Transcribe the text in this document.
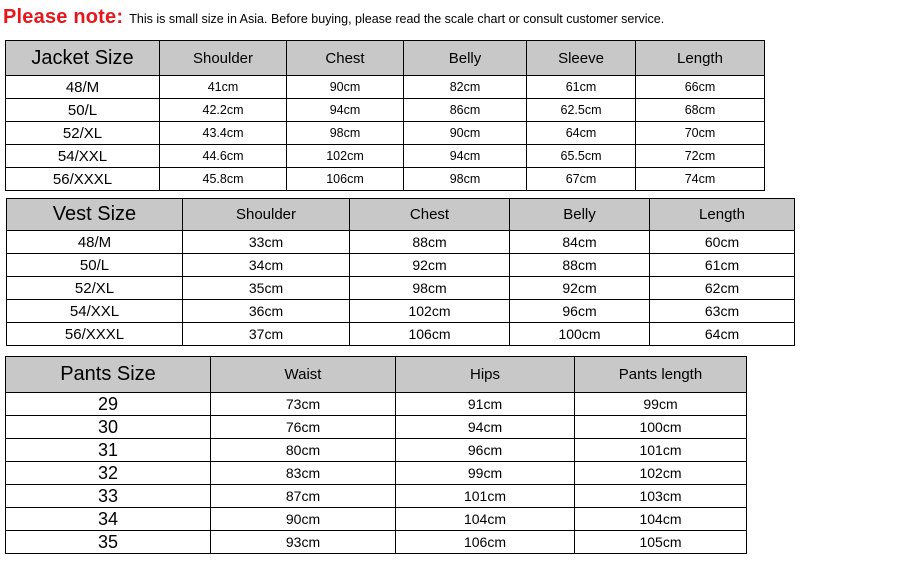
Please note: This is small size in Asia. Before buying, please read the scale chart or consult customer service.
Jacket Size	Shoulder	Chest	Belly	Sleeve	Length
48/M	41cm	90cm	82cm	61cm	66cm
50/L	42.2cm	94cm	86cm	62.5cm	68cm
52/XL	43.4cm	98cm	90cm	64cm	70cm
54/XXL	44.6cm	102cm	94cm	65.5cm	72cm
56/XXXL	45.8cm	106cm	98cm	67cm	74cm
Vest Size	Shoulder	Chest	Belly	Length
48/M	33cm	88cm	84cm	60cm
50/L	34cm	92cm	88cm	61cm
52/XL	35cm	98cm	92cm	62cm
54/XXL	36cm	102cm	96cm	63cm
56/XXXL	37cm	106cm	100cm	64cm
Pants Size	Waist	Hips	Pants length
29	73cm	91cm	99cm
30	76cm	94cm	100cm
31	80cm	96cm	101cm
32	83cm	99cm	102cm
33	87cm	101cm	103cm
34	90cm	104cm	104cm
35	93cm	106cm	105cm
